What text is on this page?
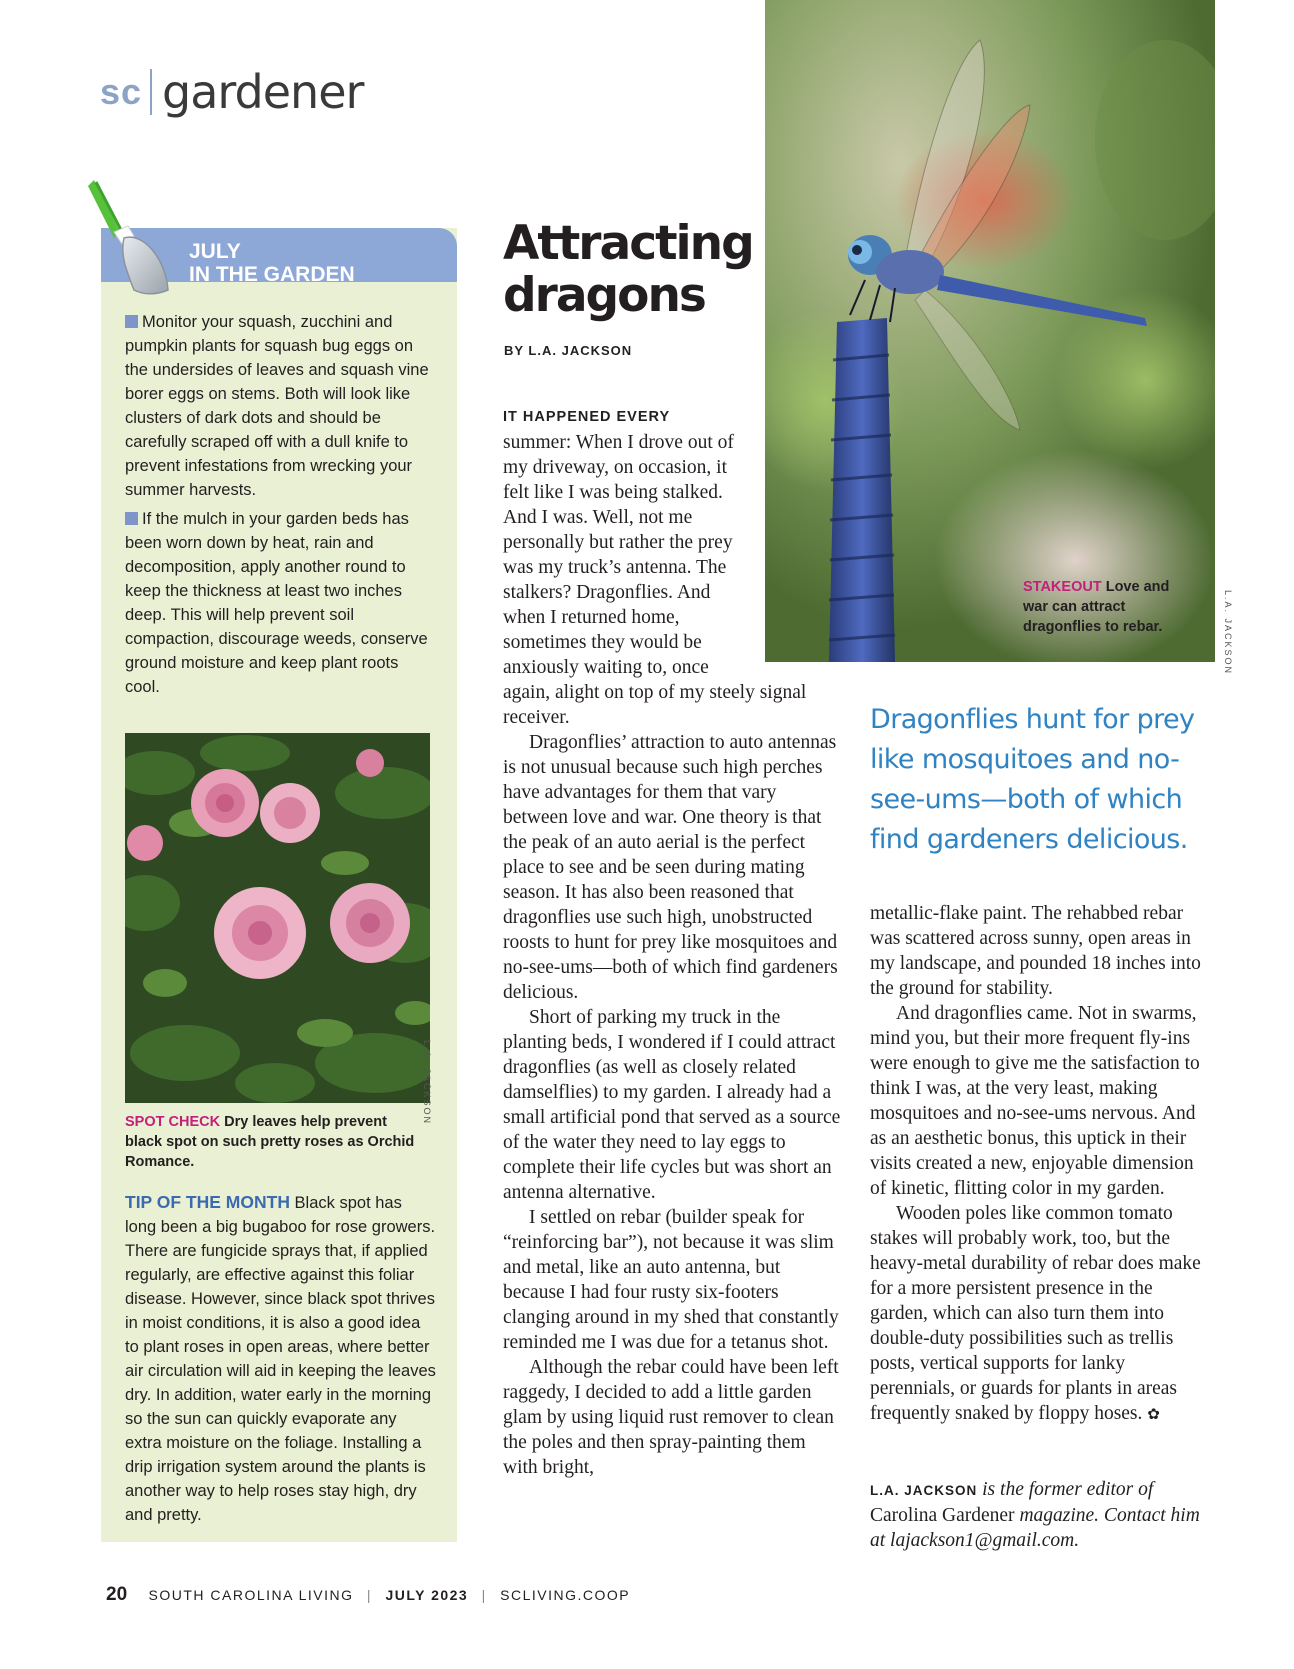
sc gardener
JULY
IN THE GARDEN
Monitor your squash, zucchini and pumpkin plants for squash bug eggs on the undersides of leaves and squash vine borer eggs on stems. Both will look like clusters of dark dots and should be carefully scraped off with a dull knife to prevent infestations from wrecking your summer harvests.
If the mulch in your garden beds has been worn down by heat, rain and decomposition, apply another round to keep the thickness at least two inches deep. This will help prevent soil compaction, discourage weeds, conserve ground moisture and keep plant roots cool.
L.A. JACKSON
SPOT CHECK Dry leaves help prevent black spot on such pretty roses as Orchid Romance.
TIP OF THE MONTH Black spot has long been a big bugaboo for rose growers. There are fungicide sprays that, if applied regularly, are effective against this foliar disease. However, since black spot thrives in moist conditions, it is also a good idea to plant roses in open areas, where better air circulation will aid in keeping the leaves dry. In addition, water early in the morning so the sun can quickly evaporate any extra moisture on the foliage. Installing a drip irrigation system around the plants is another way to help roses stay high, dry and pretty.
Attracting dragons
BY L.A. JACKSON
IT HAPPENED EVERY
summer: When I drove out of my driveway, on occasion, it felt like I was being stalked. And I was. Well, not me personally but rather the prey was my truck’s antenna. The stalkers? Dragonflies. And when I returned home, sometimes they would be anxiously waiting to, once
again, alight on top of my steely signal receiver.

Dragonflies’ attraction to auto antennas is not unusual because such high perches have advantages for them that vary between love and war. One theory is that the peak of an auto aerial is the perfect place to see and be seen during mating season. It has also been reasoned that dragonflies use such high, unobstructed roosts to hunt for prey like mosquitoes and no-see-ums—both of which find gardeners delicious.

Short of parking my truck in the planting beds, I wondered if I could attract dragonflies (as well as closely related damselflies) to my garden. I already had a small artificial pond that served as a source of the water they need to lay eggs to complete their life cycles but was short an antenna alternative.

I settled on rebar (builder speak for “reinforcing bar”), not because it was slim and metal, like an auto antenna, but because I had four rusty six-footers clanging around in my shed that constantly reminded me I was due for a tetanus shot.

Although the rebar could have been left raggedy, I decided to add a little garden glam by using liquid rust remover to clean the poles and then spray-painting them with bright,

metallic-flake paint. The rehabbed rebar was scattered across sunny, open areas in my landscape, and pounded 18 inches into the ground for stability.

And dragonflies came. Not in swarms, mind you, but their more frequent fly-ins were enough to give me the satisfaction to think I was, at the very least, making mosquitoes and no-see-ums nervous. And as an aesthetic bonus, this uptick in their visits created a new, enjoyable dimension of kinetic, flitting color in my garden.

Wooden poles like common tomato stakes will probably work, too, but the heavy-metal durability of rebar does make for a more persistent presence in the garden, which can also turn them into double-duty possibilities such as trellis posts, vertical supports for lanky perennials, or guards for plants in areas frequently snaked by floppy hoses. ✿

L.A. JACKSON is the former editor of Carolina Gardener magazine. Contact him at lajackson1@gmail.com.
STAKEOUT Love and war can attract dragonflies to rebar.	L.A. JACKSON
Dragonflies hunt for prey like mosquitoes and no-see-ums—both of which find gardeners delicious.
20 SOUTH CAROLINA LIVING | JULY 2023 | SCLIVING.COOP
